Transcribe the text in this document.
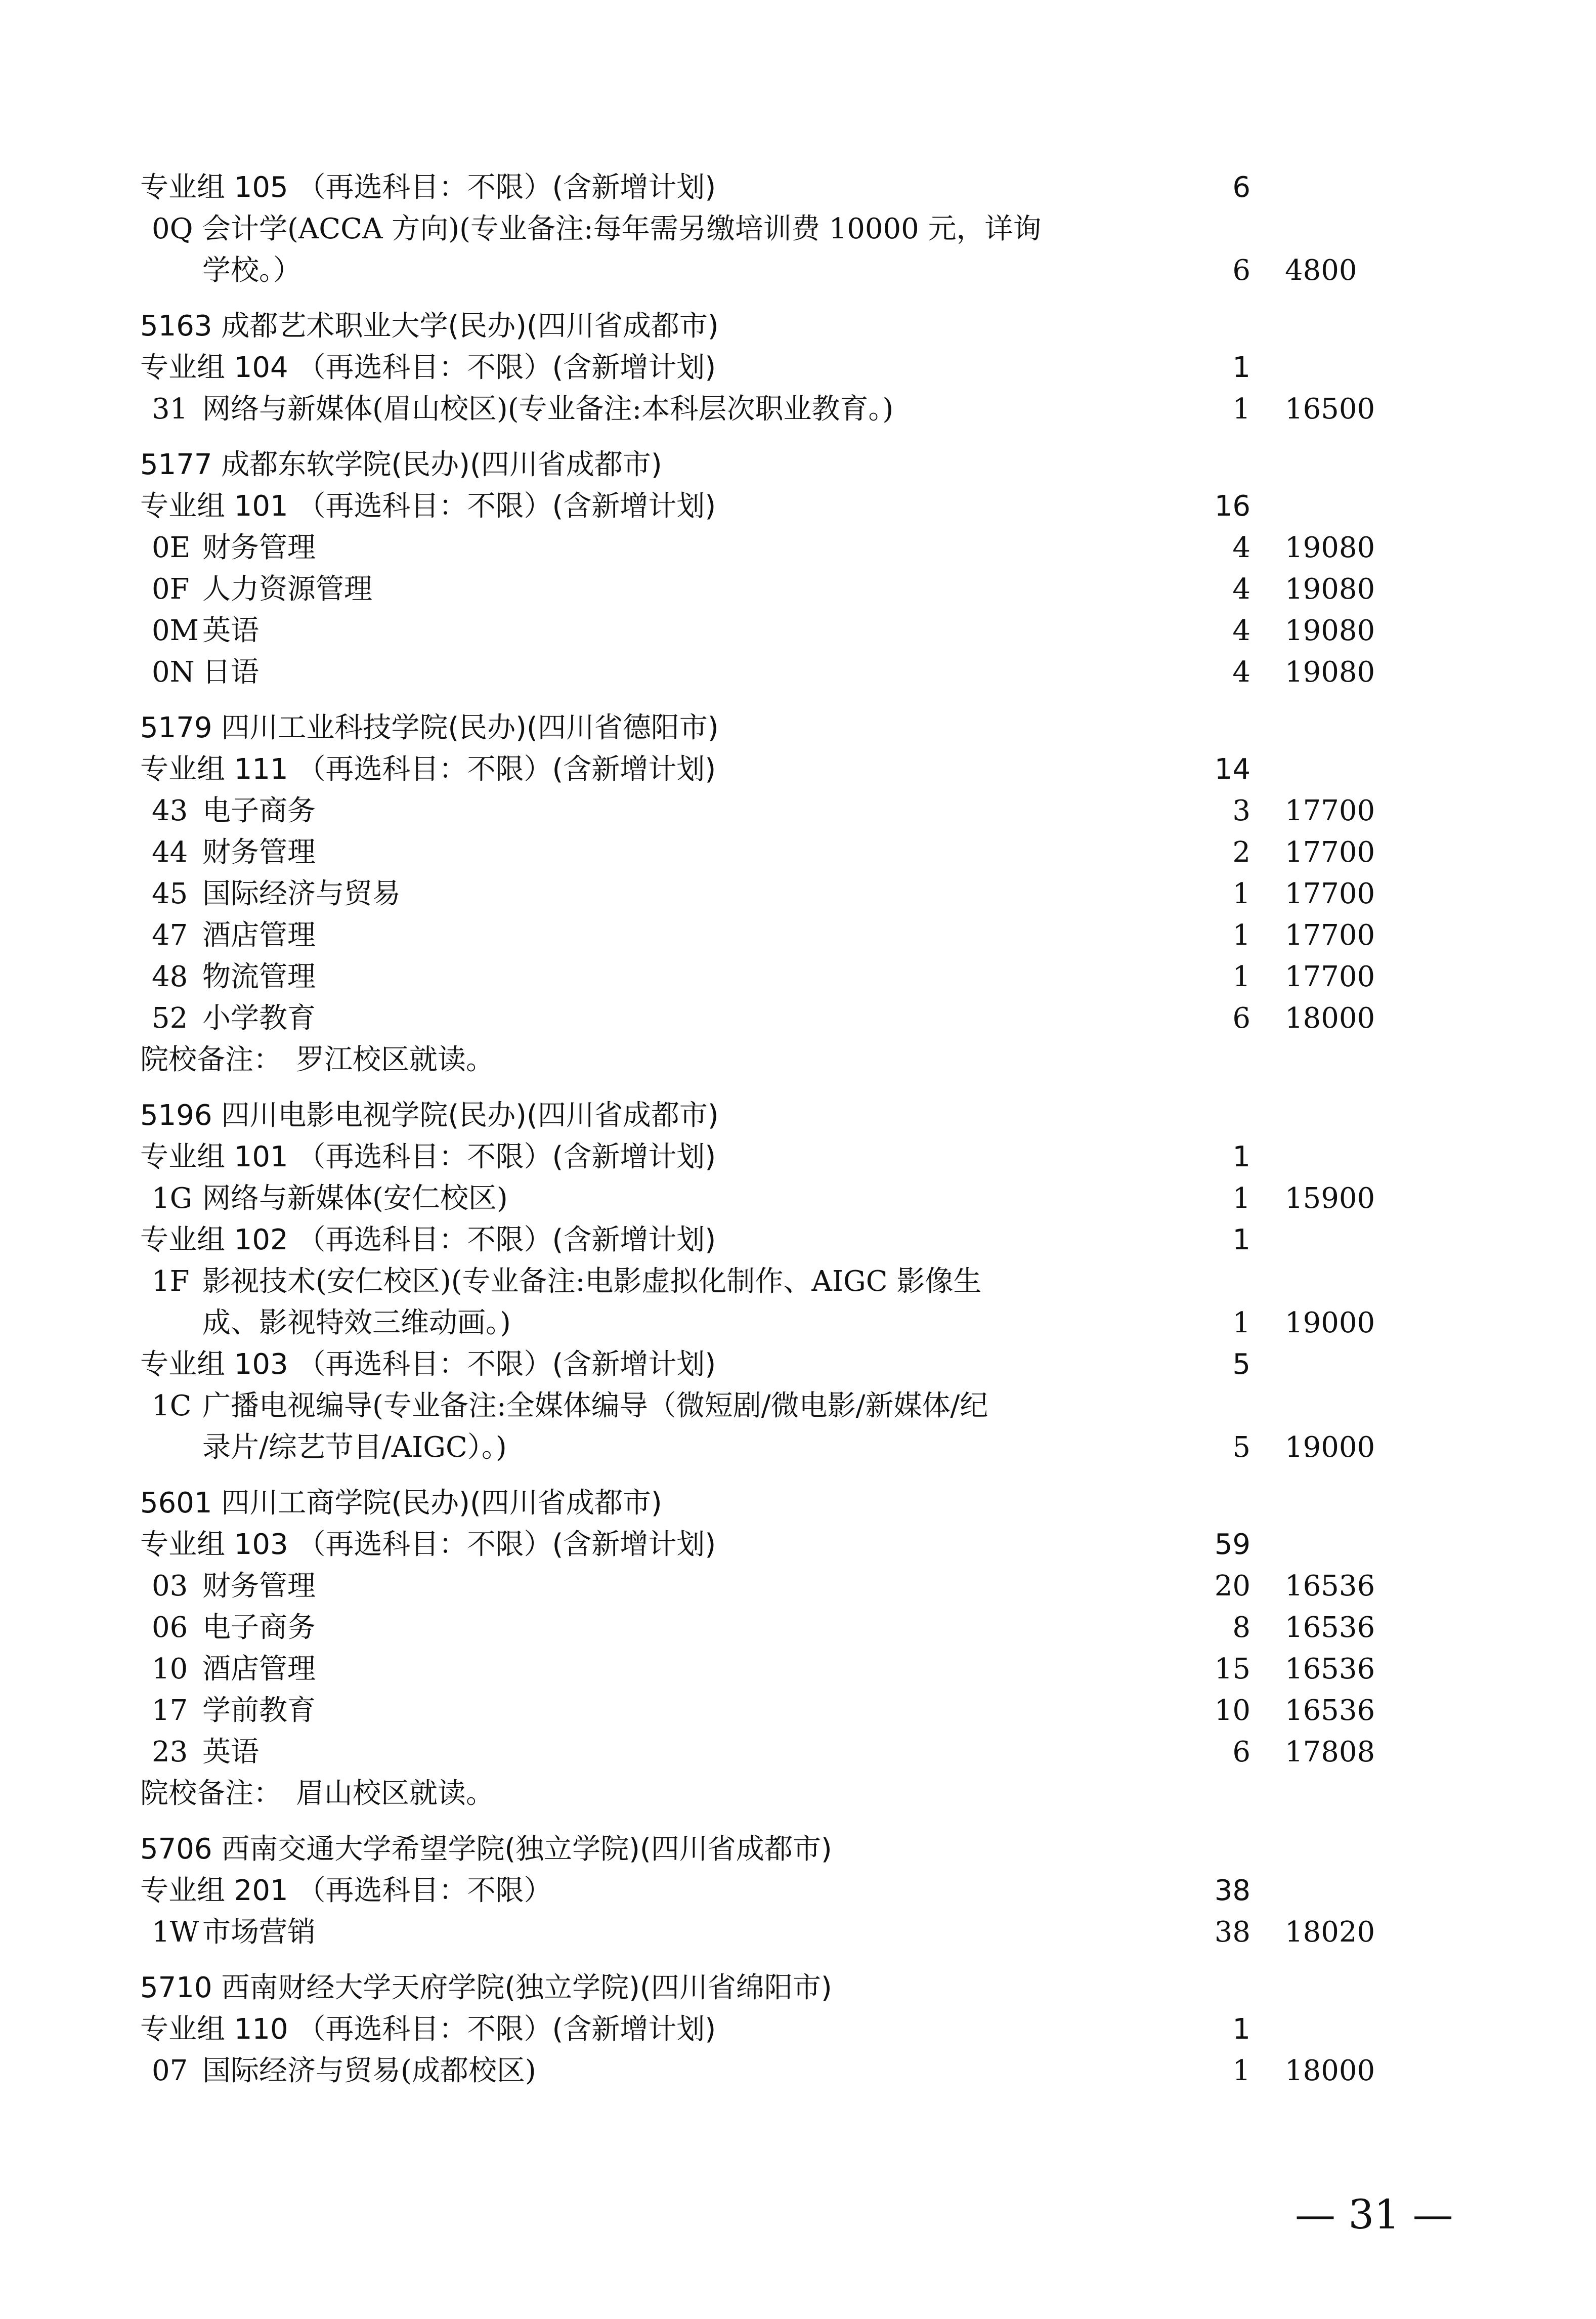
专业组 105 （再选科目：不限）(含新增计划)	6
0Q 会计学(ACCA 方向)(专业备注:每年需另缴培训费 10000 元，详询
学校。）	6 4800
5163 成都艺术职业大学(民办)(四川省成都市)
专业组 104 （再选科目：不限）(含新增计划)	1
31 网络与新媒体(眉山校区)(专业备注:本科层次职业教育。)	1 16500
5177 成都东软学院(民办)(四川省成都市)
专业组 101 （再选科目：不限）(含新增计划)	16
0E 财务管理	4 19080
0F 人力资源管理	4 19080
0M 英语	4 19080
0N 日语	4 19080
5179 四川工业科技学院(民办)(四川省德阳市)
专业组 111 （再选科目：不限）(含新增计划)	14
43 电子商务	3 17700
44 财务管理	2 17700
45 国际经济与贸易	1 17700
47 酒店管理	1 17700
48 物流管理	1 17700
52 小学教育	6 18000
院校备注： 罗江校区就读。
5196 四川电影电视学院(民办)(四川省成都市)
专业组 101 （再选科目：不限）(含新增计划)	1
1G 网络与新媒体(安仁校区)	1 15900
专业组 102 （再选科目：不限）(含新增计划)	1
1F 影视技术(安仁校区)(专业备注:电影虚拟化制作、AIGC 影像生
成、影视特效三维动画。)	1 19000
专业组 103 （再选科目：不限）(含新增计划)	5
1C 广播电视编导(专业备注:全媒体编导（微短剧/微电影/新媒体/纪
录片/综艺节目/AIGC）。)	5 19000
5601 四川工商学院(民办)(四川省成都市)
专业组 103 （再选科目：不限）(含新增计划)	59
03 财务管理	20 16536
06 电子商务	8 16536
10 酒店管理	15 16536
17 学前教育	10 16536
23 英语	6 17808
院校备注： 眉山校区就读。
5706 西南交通大学希望学院(独立学院)(四川省成都市)
专业组 201 （再选科目：不限）	38
1W 市场营销	38 18020
5710 西南财经大学天府学院(独立学院)(四川省绵阳市)
专业组 110 （再选科目：不限）(含新增计划)	1
07 国际经济与贸易(成都校区)	1 18000
— 31 —
